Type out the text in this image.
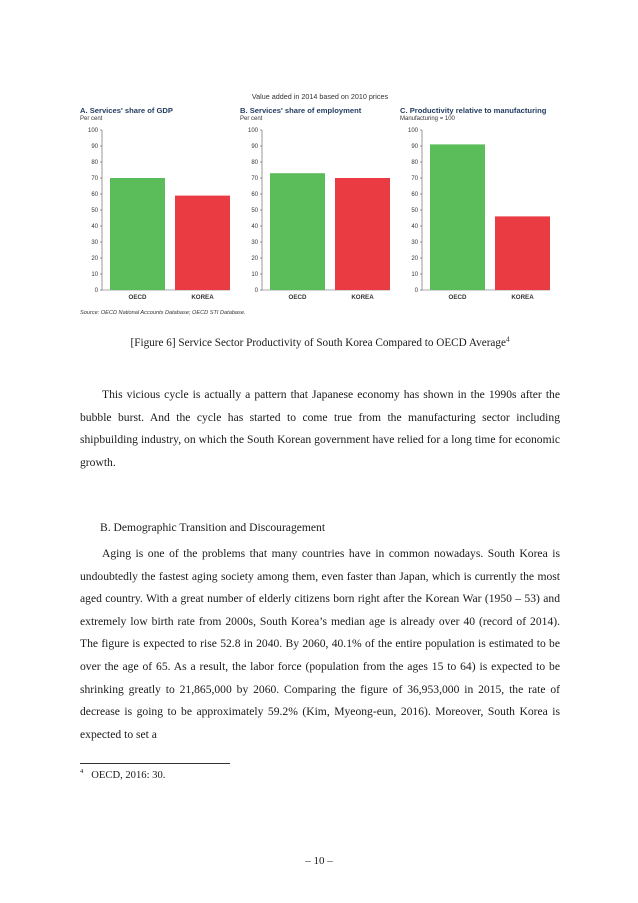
Value added in 2014 based on 2010 prices
A. Services' share of GDP
Per cent
0
10
20
30
40
50
60
70
80
90
100
OECD	KOREA
B. Services' share of employment
Per cent
0
10
20
30
40
50
60
70
80
90
100
OECD	KOREA
C. Productivity relative to manufacturing
Manufacturing = 100
0
10
20
30
40
50
60
70
80
90
100
OECD	KOREA
Source: OECD National Accounts Database; OECD STI Database.
[Figure 6] Service Sector Productivity of South Korea Compared to OECD Average$^4$

This vicious cycle is actually a pattern that Japanese economy has shown in the 1990s after the bubble burst. And the cycle has started to come true from the manufacturing sector including shipbuilding industry, on which the South Korean government have relied for a long time for economic growth.

B. Demographic Transition and Discouragement

Aging is one of the problems that many countries have in common nowadays. South Korea is undoubtedly the fastest aging society among them, even faster than Japan, which is currently the most aged country. With a great number of elderly citizens born right after the Korean War (1950 – 53) and extremely low birth rate from 2000s, South Korea’s median age is already over 40 (record of 2014). The figure is expected to rise 52.8 in 2040. By 2060, 40.1% of the entire population is estimated to be over the age of 65. As a result, the labor force (population from the ages 15 to 64) is expected to be shrinking greatly to 21,865,000 by 2060. Comparing the figure of 36,953,000 in 2015, the rate of decrease is going to be approximately 59.2% (Kim, Myeong-eun, 2016). Moreover, South Korea is expected to set a

$^4$ OECD, 2016: 30.
– 10 –
